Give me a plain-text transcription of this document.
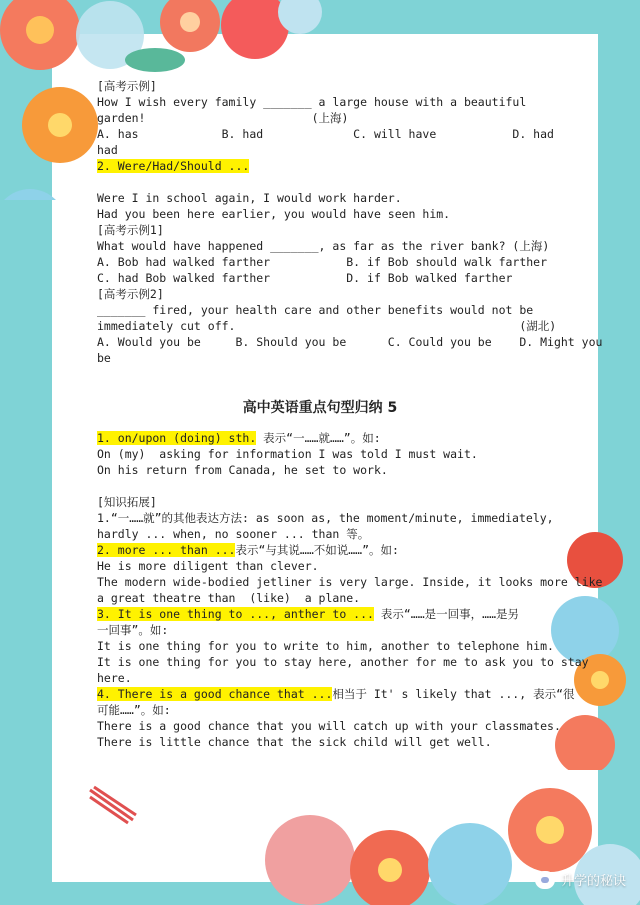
[高考示例]
How I wish every family _______ a large house with a beautiful
garden!                        (上海)
A. has            B. had             C. will have           D. had
had
2. Were/Had/Should ...
Were I in school again, I would work harder.
Had you been here earlier, you would have seen him.
[高考示例1]
What would have happened _______, as far as the river bank? (上海)
A. Bob had walked farther           B. if Bob should walk farther
C. had Bob walked farther           D. if Bob walked farther
[高考示例2]
_______ fired, your health care and other benefits would not be
immediately cut off.                                         (湖北)
A. Would you be     B. Should you be      C. Could you be    D. Might you
be
高中英语重点句型归纳 5
1. on/upon (doing) sth. 表示“一……就……”。如:
On (my)  asking for information I was told I must wait.
On his return from Canada, he set to work.
[知识拓展]
1.“一……就”的其他表达方法: as soon as, the moment/minute, immediately,
hardly ... when, no sooner ... than 等。
2. more ... than ...表示“与其说……不如说……”。如:
He is more diligent than clever.
The modern wide-bodied jetliner is very large. Inside, it looks more like
a great theatre than  (like)  a plane.
3. It is one thing to ..., anther to ... 表示“……是一回事，……是另
一回事”。如:
It is one thing for you to write to him, another to telephone him.
It is one thing for you to stay here, another for me to ask you to stay
here.
4. There is a good chance that ...相当于 It' s likely that ..., 表示“很
可能……”。如:
There is a good chance that you will catch up with your classmates.
There is little chance that the sick child will get well.
升学的秘诀
